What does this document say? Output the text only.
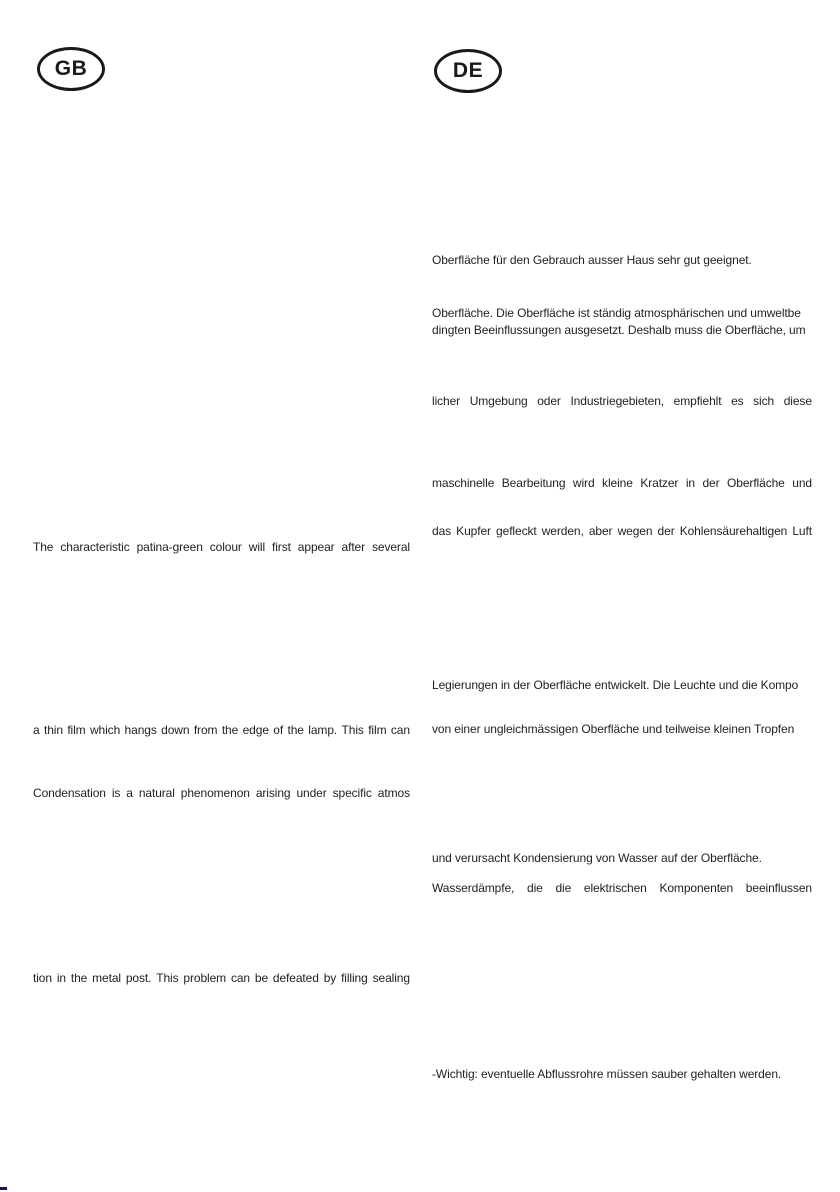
GB
The characteristic patina-green colour will first appear after several
a thin film which hangs down from the edge of the lamp. This film can
Condensation is a natural phenomenon arising under specific atmos
tion in the metal post. This problem can be defeated by filling sealing
DE
Oberfläche für den Gebrauch ausser Haus sehr gut geeignet.
Oberfläche. Die Oberfläche ist ständig atmosphärischen und umweltbe
dingten Beeinflussungen ausgesetzt. Deshalb muss die Oberfläche, um
licher Umgebung oder Industriegebieten, empfiehlt es sich diese
maschinelle Bearbeitung wird kleine Kratzer in der Oberfläche und
das Kupfer gefleckt werden, aber wegen der Kohlensäurehaltigen Luft
Legierungen in der Oberfläche entwickelt. Die Leuchte und die Kompo
von einer ungleichmässigen Oberfläche und teilweise kleinen Tropfen
und verursacht Kondensierung von Wasser auf der Oberfläche.
Wasserdämpfe, die die elektrischen Komponenten beeinflussen
-Wichtig: eventuelle Abflussrohre müssen sauber gehalten werden.
